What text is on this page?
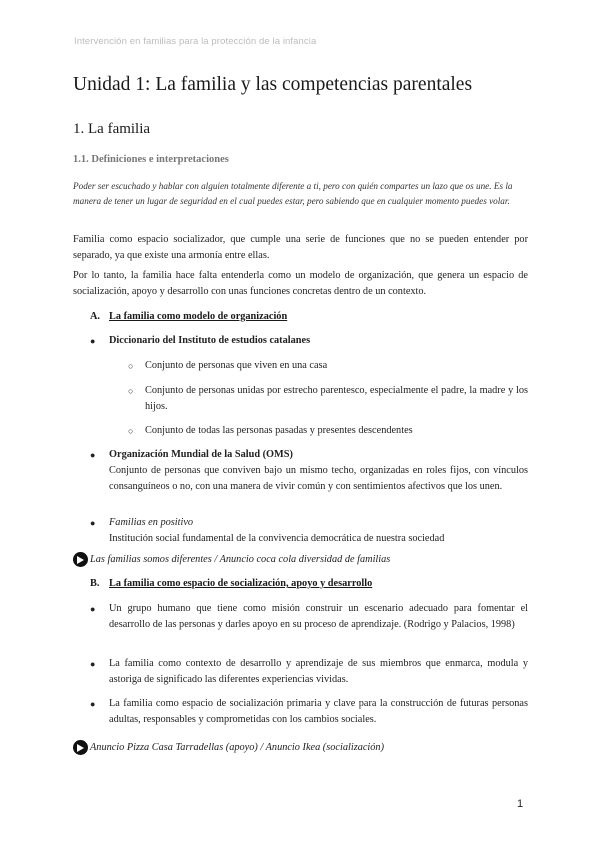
Intervención en familias para la protección de la infancia
Unidad 1: La familia y las competencias parentales
1. La familia
1.1. Definiciones e interpretaciones

Poder ser escuchado y hablar con alguien totalmente diferente a ti, pero con quién compartes un lazo que os une. Es la manera de tener un lugar de seguridad en el cual puedes estar, pero sabiendo que en cualquier momento puedes volar.

Familia como espacio socializador, que cumple una serie de funciones que no se pueden entender por separado, ya que existe una armonía entre ellas.

Por lo tanto, la familia hace falta entenderla como un modelo de organización, que genera un espacio de socialización, apoyo y desarrollo con unas funciones concretas dentro de un contexto.

A. La familia como modelo de organización
● Diccionario del Instituto de estudios catalanes
○ Conjunto de personas que viven en una casa
○ Conjunto de personas unidas por estrecho parentesco, especialmente el padre, la madre y los hijos.
○ Conjunto de todas las personas pasadas y presentes descendentes
● Organización Mundial de la Salud (OMS)
Conjunto de personas que conviven bajo un mismo techo, organizadas en roles fijos, con vínculos consanguíneos o no, con una manera de vivir común y con sentimientos afectivos que los unen.
● Familias en positivo
Institución social fundamental de la convivencia democrática de nuestra sociedad
Las familias somos diferentes / Anuncio coca cola diversidad de familias
B. La familia como espacio de socialización, apoyo y desarrollo
● Un grupo humano que tiene como misión construir un escenario adecuado para fomentar el desarrollo de las personas y darles apoyo en su proceso de aprendizaje. (Rodrigo y Palacios, 1998)
● La familia como contexto de desarrollo y aprendizaje de sus miembros que enmarca, modula y astoriga de significado las diferentes experiencias vividas.
● La familia como espacio de socialización primaria y clave para la construcción de futuras personas adultas, responsables y comprometidas con los cambios sociales.
Anuncio Pizza Casa Tarradellas (apoyo) / Anuncio Ikea (socialización)
1
